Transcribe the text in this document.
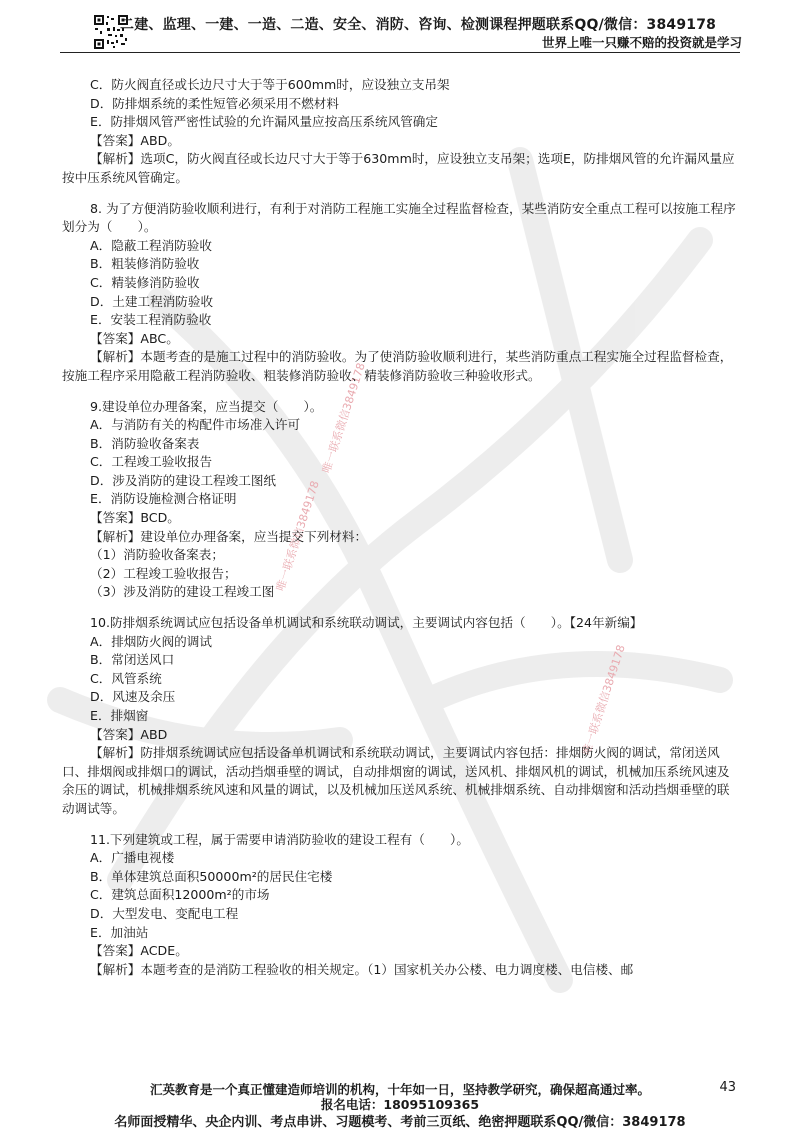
二建、监理、一建、一造、二造、安全、消防、咨询、检测课程押题联系QQ/微信：3849178
世界上唯一只赚不赔的投资就是学习
唯一联系微信3849178
唯一联系微信3849178
唯一联系微信3849178

C．防火阀直径或长边尺寸大于等于600mm时，应设独立支吊架

D．防排烟系统的柔性短管必须采用不燃材料

E．防排烟风管严密性试验的允许漏风量应按高压系统风管确定

【答案】ABD。

【解析】选项C，防火阀直径或长边尺寸大于等于630mm时，应设独立支吊架；选项E，防排烟风管的允许漏风量应按中压系统风管确定。

8. 为了方便消防验收顺利进行，有利于对消防工程施工实施全过程监督检查，某些消防安全重点工程可以按施工程序划分为（　　）。

A．隐蔽工程消防验收

B．粗装修消防验收

C．精装修消防验收

D．土建工程消防验收

E．安装工程消防验收

【答案】ABC。

【解析】本题考查的是施工过程中的消防验收。为了使消防验收顺利进行，某些消防重点工程实施全过程监督检查，按施工程序采用隐蔽工程消防验收、粗装修消防验收、精装修消防验收三种验收形式。

9.建设单位办理备案，应当提交（　　）。

A．与消防有关的构配件市场准入许可

B．消防验收备案表

C．工程竣工验收报告

D．涉及消防的建设工程竣工图纸

E．消防设施检测合格证明

【答案】BCD。

【解析】建设单位办理备案，应当提交下列材料：

（1）消防验收备案表；

（2）工程竣工验收报告；

（3）涉及消防的建设工程竣工图

10.防排烟系统调试应包括设备单机调试和系统联动调试，主要调试内容包括（　　）。【24年新编】

A．排烟防火阀的调试

B．常闭送风口

C．风管系统

D．风速及余压

E．排烟窗

【答案】ABD

【解析】防排烟系统调试应包括设备单机调试和系统联动调试，主要调试内容包括：排烟防火阀的调试，常闭送风口、排烟阀或排烟口的调试，活动挡烟垂壁的调试，自动排烟窗的调试，送风机、排烟风机的调试，机械加压系统风速及余压的调试，机械排烟系统风速和风量的调试，以及机械加压送风系统、机械排烟系统、自动排烟窗和活动挡烟垂壁的联动调试等。

11.下列建筑或工程，属于需要申请消防验收的建设工程有（　　）。

A．广播电视楼

B．单体建筑总面积50000m²的居民住宅楼

C．建筑总面积12000m²的市场

D．大型发电、变配电工程

E．加油站

【答案】ACDE。

【解析】本题考查的是消防工程验收的相关规定。（1）国家机关办公楼、电力调度楼、电信楼、邮

汇英教育是一个真正懂建造师培训的机构，十年如一日，坚持教学研究，确保超高通过率。	43
报名电话：18095109365
名师面授精华、央企内训、考点串讲、习题模考、考前三页纸、绝密押题联系QQ/微信：3849178
